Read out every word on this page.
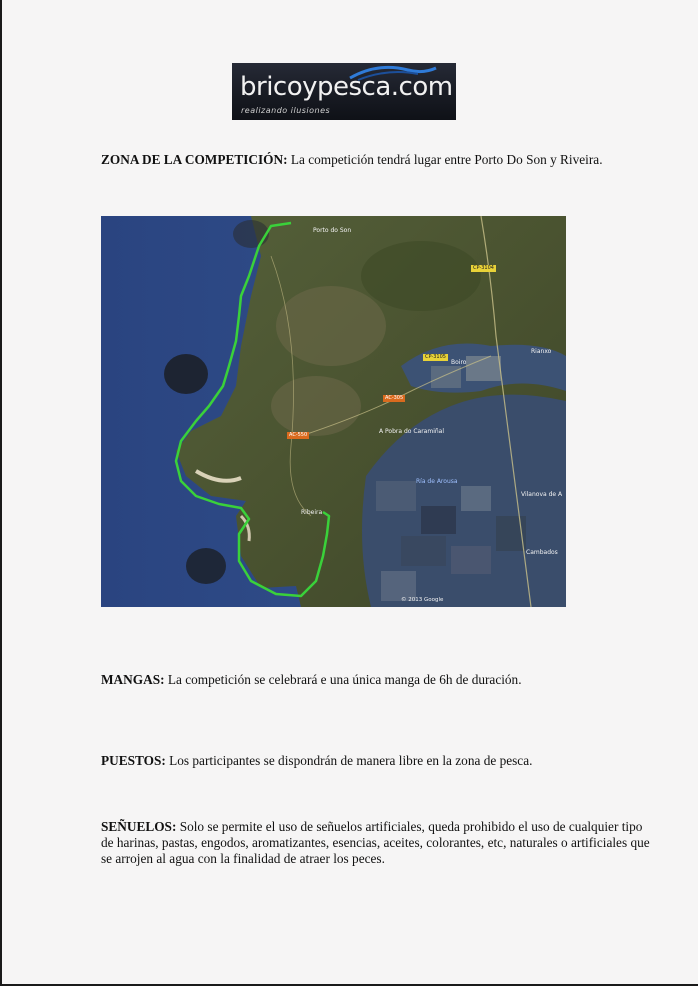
bricoypesca.com
realizando ilusiones
ZONA DE LA COMPETICIÓN: La competición tendrá lugar entre Porto Do Son y Riveira.
Porto do Son
A Pobra do Caramiñal
Boiro
Rianxo
Ribeira
Vilanova de A
Cambados
Ría de Arousa
© 2013 Google
CP-3104
CP-3105
AC-305
AC-550
MANGAS: La competición se celebrará e una única manga de 6h de duración.
PUESTOS: Los participantes se dispondrán de manera libre en la zona de pesca.
SEÑUELOS: Solo se permite el uso de señuelos artificiales, queda prohibido el uso de cualquier tipo de harinas, pastas, engodos, aromatizantes, esencias, aceites, colorantes, etc, naturales o artificiales que se arrojen al agua con la finalidad de atraer los peces.
